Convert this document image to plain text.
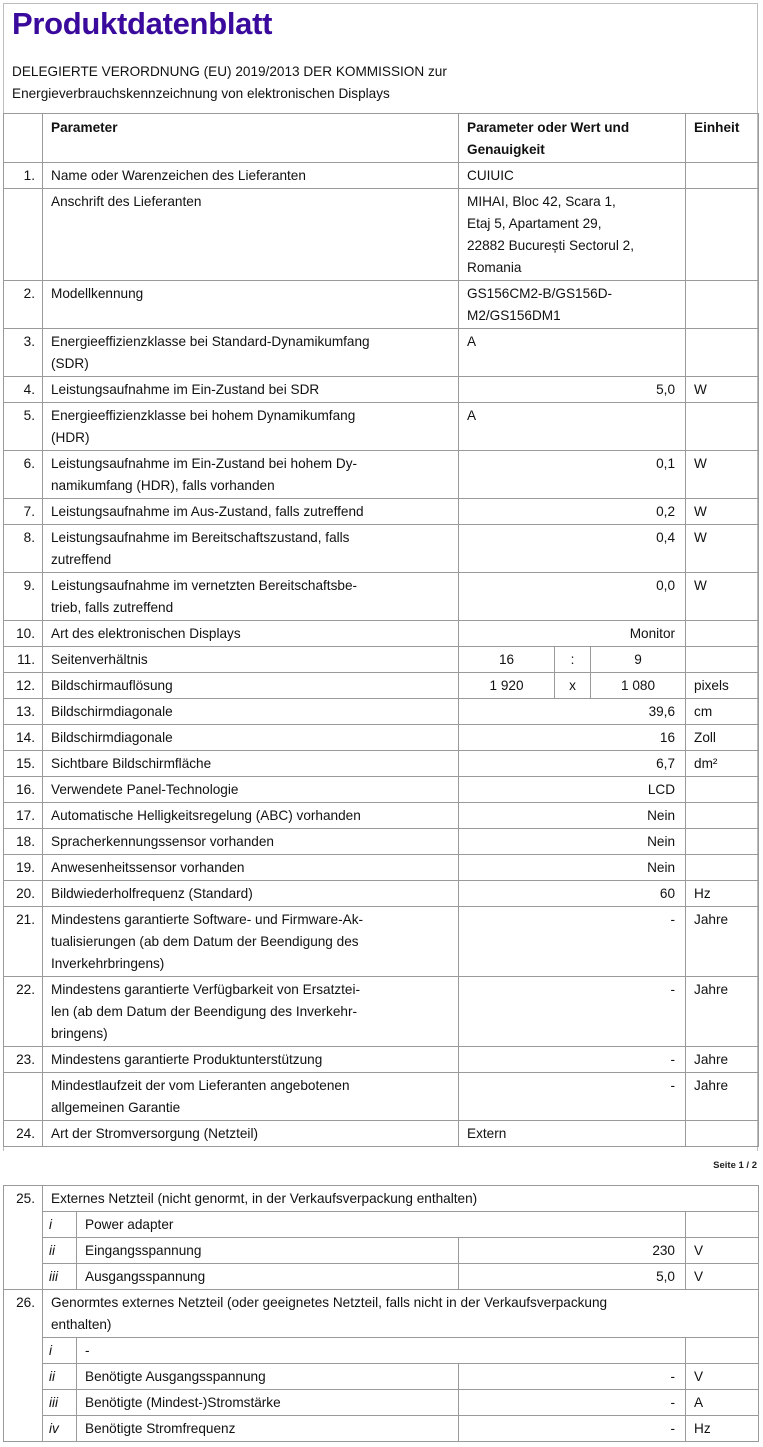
Produktdatenblatt
DELEGIERTE VERORDNUNG (EU) 2019/2013 DER KOMMISSION zur
Energieverbrauchskennzeichnung von elektronischen Displays
	Parameter	Parameter oder Wert und
Genauigkeit			Einheit
1.	Name oder Warenzeichen des Lieferanten	CUIUIC			
	Anschrift des Lieferanten	MIHAI, Bloc 42, Scara 1,
Etaj 5, Apartament 29,
22882 București Sectorul 2,
Romania			

2.	Modellkennung	GS156CM2-B/GS156D-
M2/GS156DM1			

3.	Energieeffizienzklasse bei Standard-Dynamikumfang
(SDR)	A			
4.	Leistungsaufnahme im Ein-Zustand bei SDR	5,0			W
5.	Energieeffizienzklasse bei hohem Dynamikumfang
(HDR)	A			
6.	Leistungsaufnahme im Ein-Zustand bei hohem Dy-
namikumfang (HDR), falls vorhanden	0,1			W
7.	Leistungsaufnahme im Aus-Zustand, falls zutreffend	0,2			W
8.	Leistungsaufnahme im Bereitschaftszustand, falls
zutreffend	0,4			W
9.	Leistungsaufnahme im vernetzten Bereitschaftsbe-
trieb, falls zutreffend	0,0			W
10.	Art des elektronischen Displays	Monitor			
11.	Seitenverhältnis	16	:	9	
12.	Bildschirmauflösung	1 920	x	1 080	pixels
13.	Bildschirmdiagonale	39,6			cm
14.	Bildschirmdiagonale	16			Zoll
15.	Sichtbare Bildschirmfläche	6,7			dm²
16.	Verwendete Panel-Technologie	LCD			
17.	Automatische Helligkeitsregelung (ABC) vorhanden	Nein			
18.	Spracherkennungssensor vorhanden	Nein			
19.	Anwesenheitssensor vorhanden	Nein			
20.	Bildwiederholfrequenz (Standard)	60			Hz
21.	Mindestens garantierte Software- und Firmware-Ak-
tualisierungen (ab dem Datum der Beendigung des
Inverkehrbringens)	-			Jahre
22.	Mindestens garantierte Verfügbarkeit von Ersatztei-
len (ab dem Datum der Beendigung des Inverkehr-
bringens)	-			Jahre
23.	Mindestens garantierte Produktunterstützung	-			Jahre

	Mindestlaufzeit der vom Lieferanten angebotenen
allgemeinen Garantie	-			Jahre
24.	Art der Stromversorgung (Netzteil)	Extern			
Seite 1 / 2
25.	Externes Netzteil (nicht genormt, in der Verkaufsverpackung enthalten)			
	i	Power adapter		
	ii	Eingangsspannung	230	V
	iii	Ausgangsspannung	5,0	V
26.	Genormtes externes Netzteil (oder geeignetes Netzteil, falls nicht in der Verkaufsverpackung
enthalten)			

	i	-		
	ii	Benötigte Ausgangsspannung	-	V
	iii	Benötigte (Mindest-)Stromstärke	-	A
	iv	Benötigte Stromfrequenz	-	Hz
